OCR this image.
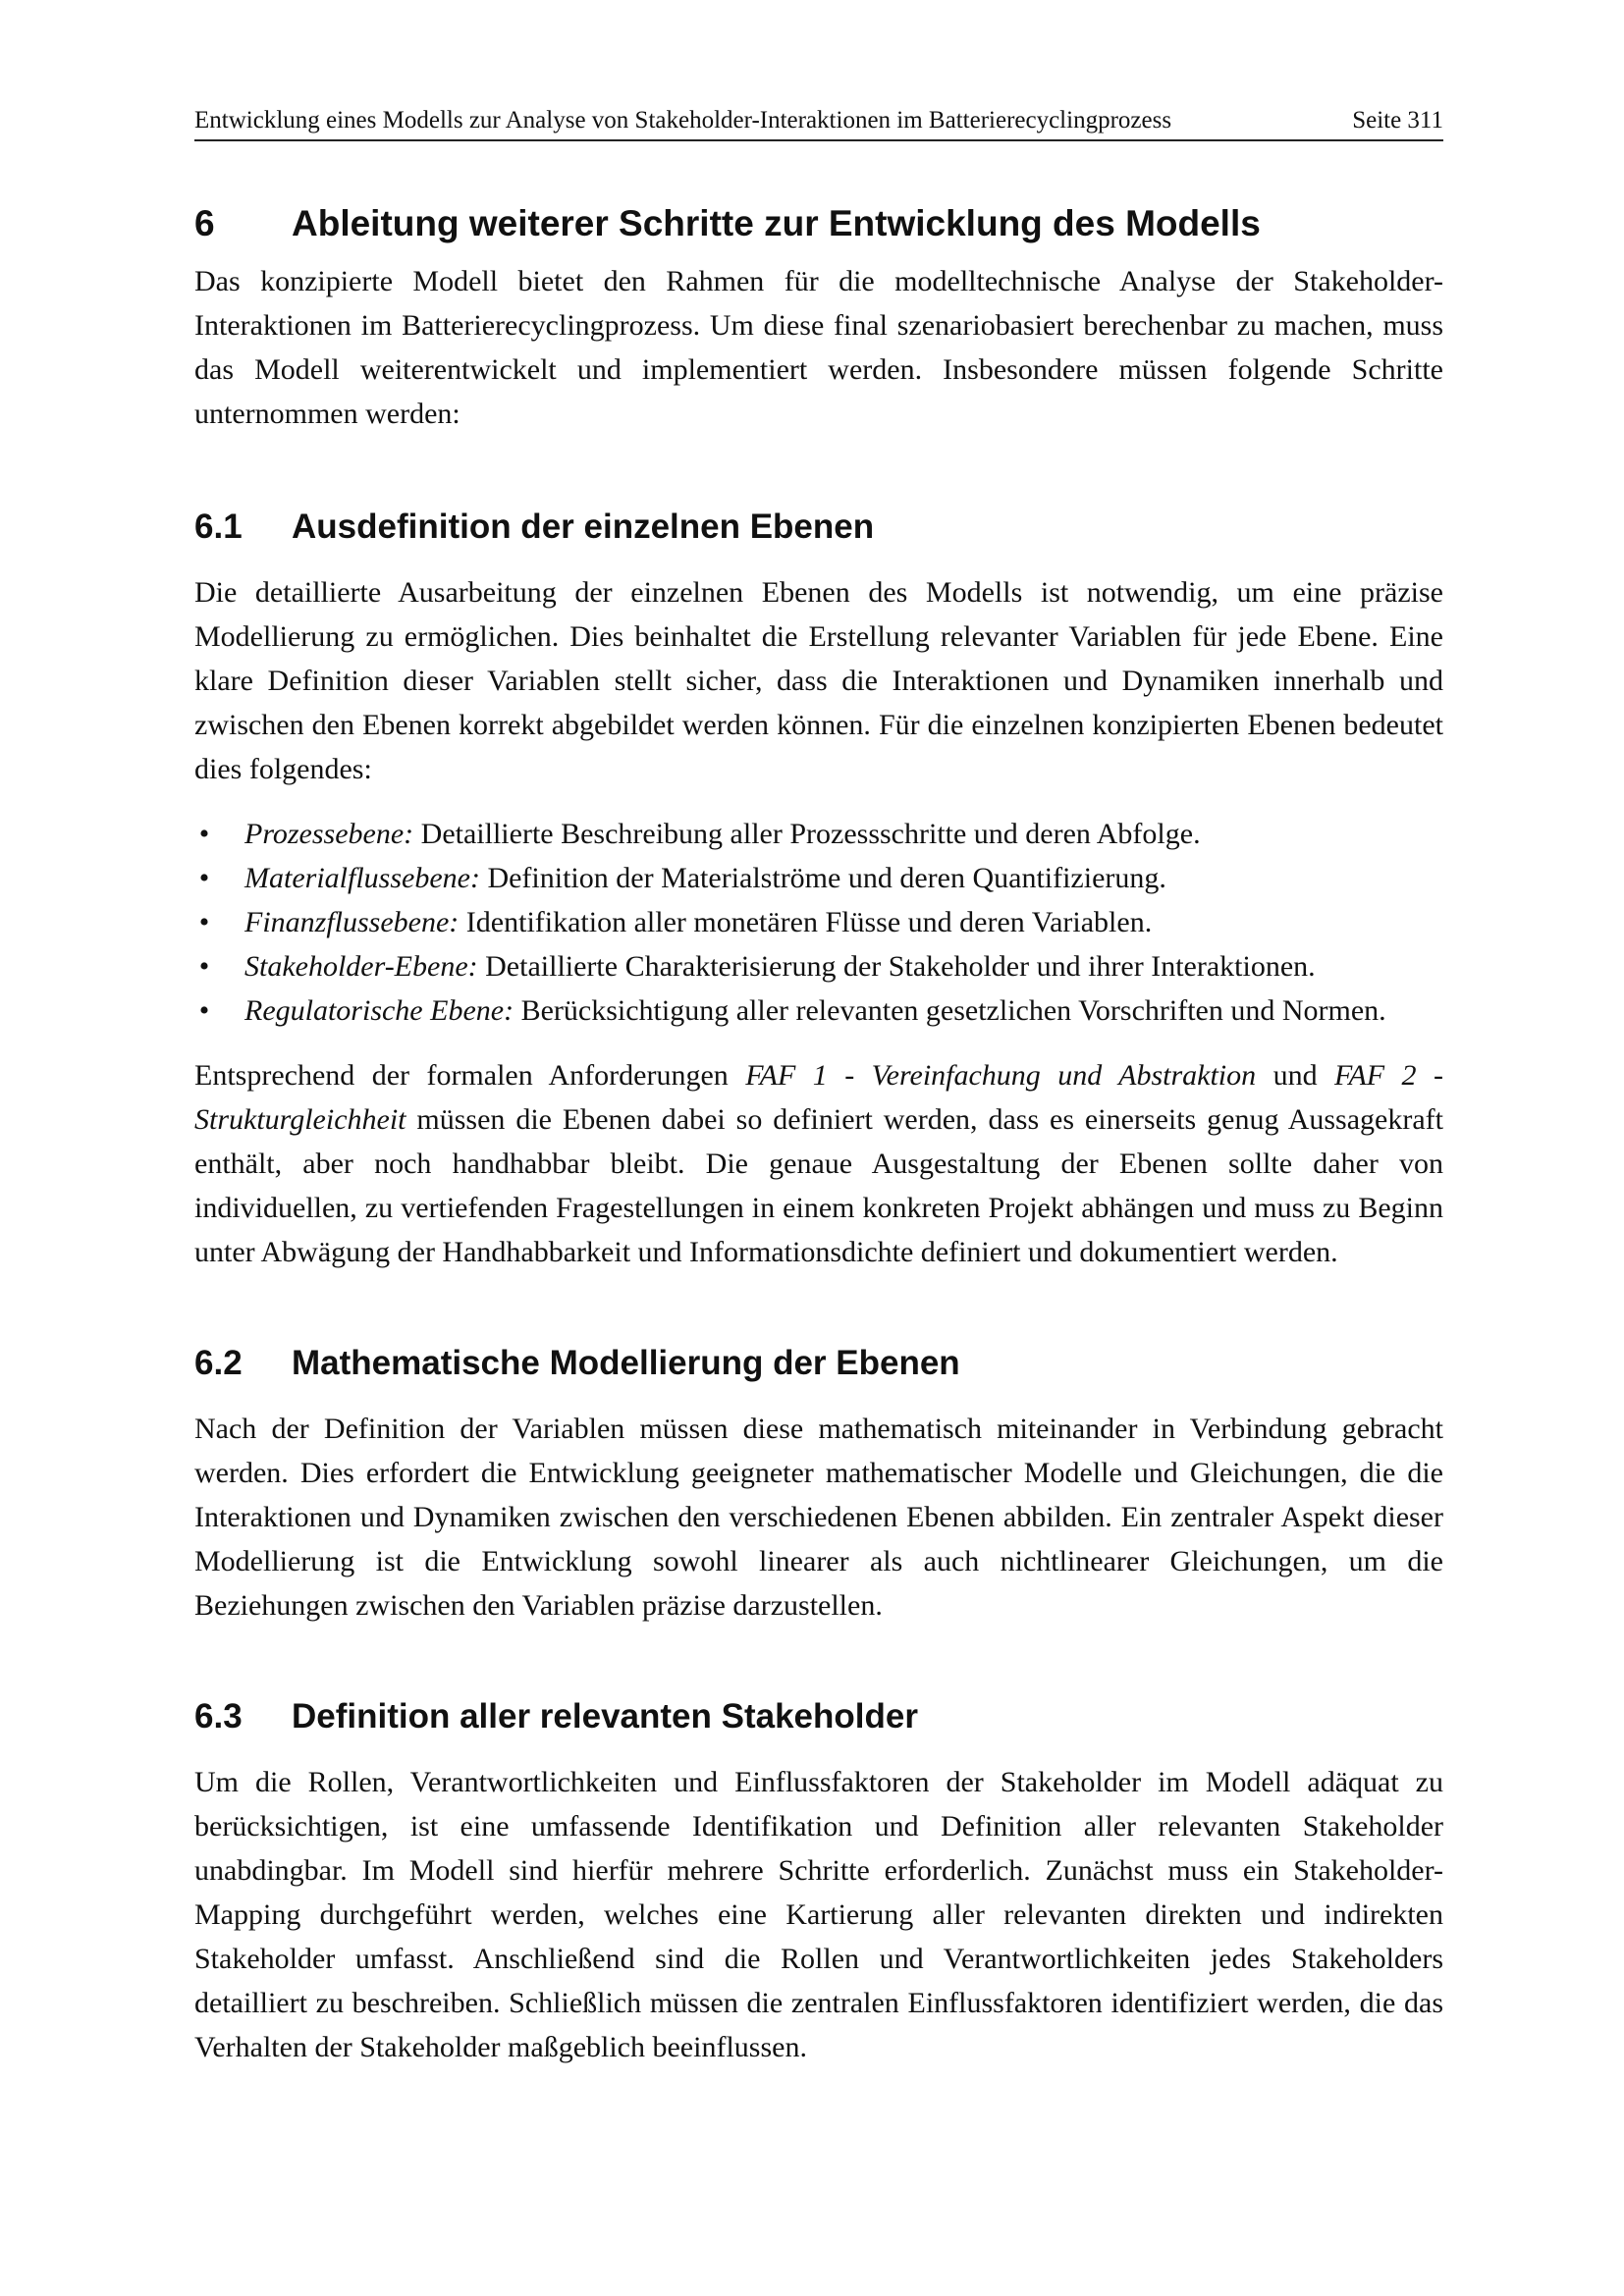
Entwicklung eines Modells zur Analyse von Stakeholder-Interaktionen im Batterierecyclingprozess	Seite 311
6	Ableitung weiterer Schritte zur Entwicklung des Modells

Das konzipierte Modell bietet den Rahmen für die modelltechnische Analyse der Stakeholder-Interaktionen im Batterierecyclingprozess. Um diese final szenariobasiert berechenbar zu machen, muss das Modell weiterentwickelt und implementiert werden. Insbesondere müssen folgende Schritte unternommen werden:

6.1	Ausdefinition der einzelnen Ebenen

Die detaillierte Ausarbeitung der einzelnen Ebenen des Modells ist notwendig, um eine präzise Modellierung zu ermöglichen. Dies beinhaltet die Erstellung relevanter Variablen für jede Ebene. Eine klare Definition dieser Variablen stellt sicher, dass die Interaktionen und Dynamiken innerhalb und zwischen den Ebenen korrekt abgebildet werden können. Für die einzelnen konzipierten Ebenen bedeutet dies folgendes:

• Prozessebene: Detaillierte Beschreibung aller Prozessschritte und deren Abfolge.
• Materialflussebene: Definition der Materialströme und deren Quantifizierung.
• Finanzflussebene: Identifikation aller monetären Flüsse und deren Variablen.
• Stakeholder-Ebene: Detaillierte Charakterisierung der Stakeholder und ihrer Interaktionen.
• Regulatorische Ebene: Berücksichtigung aller relevanten gesetzlichen Vorschriften und Normen.

Entsprechend der formalen Anforderungen FAF 1 - Vereinfachung und Abstraktion und FAF 2 - Strukturgleichheit müssen die Ebenen dabei so definiert werden, dass es einerseits genug Aussagekraft enthält, aber noch handhabbar bleibt. Die genaue Ausgestaltung der Ebenen sollte daher von individuellen, zu vertiefenden Fragestellungen in einem konkreten Projekt abhängen und muss zu Beginn unter Abwägung der Handhabbarkeit und Informationsdichte definiert und dokumentiert werden.

6.2	Mathematische Modellierung der Ebenen

Nach der Definition der Variablen müssen diese mathematisch miteinander in Verbindung gebracht werden. Dies erfordert die Entwicklung geeigneter mathematischer Modelle und Gleichungen, die die Interaktionen und Dynamiken zwischen den verschiedenen Ebenen abbilden. Ein zentraler Aspekt dieser Modellierung ist die Entwicklung sowohl linearer als auch nichtlinearer Gleichungen, um die Beziehungen zwischen den Variablen präzise darzustellen.

6.3	Definition aller relevanten Stakeholder

Um die Rollen, Verantwortlichkeiten und Einflussfaktoren der Stakeholder im Modell adäquat zu berücksichtigen, ist eine umfassende Identifikation und Definition aller relevanten Stakeholder unabdingbar. Im Modell sind hierfür mehrere Schritte erforderlich. Zunächst muss ein Stakeholder-Mapping durchgeführt werden, welches eine Kartierung aller relevanten direkten und indirekten Stakeholder umfasst. Anschließend sind die Rollen und Verantwortlichkeiten jedes Stakeholders detailliert zu beschreiben. Schließlich müssen die zentralen Einflussfaktoren identifiziert werden, die das Verhalten der Stakeholder maßgeblich beeinflussen.
